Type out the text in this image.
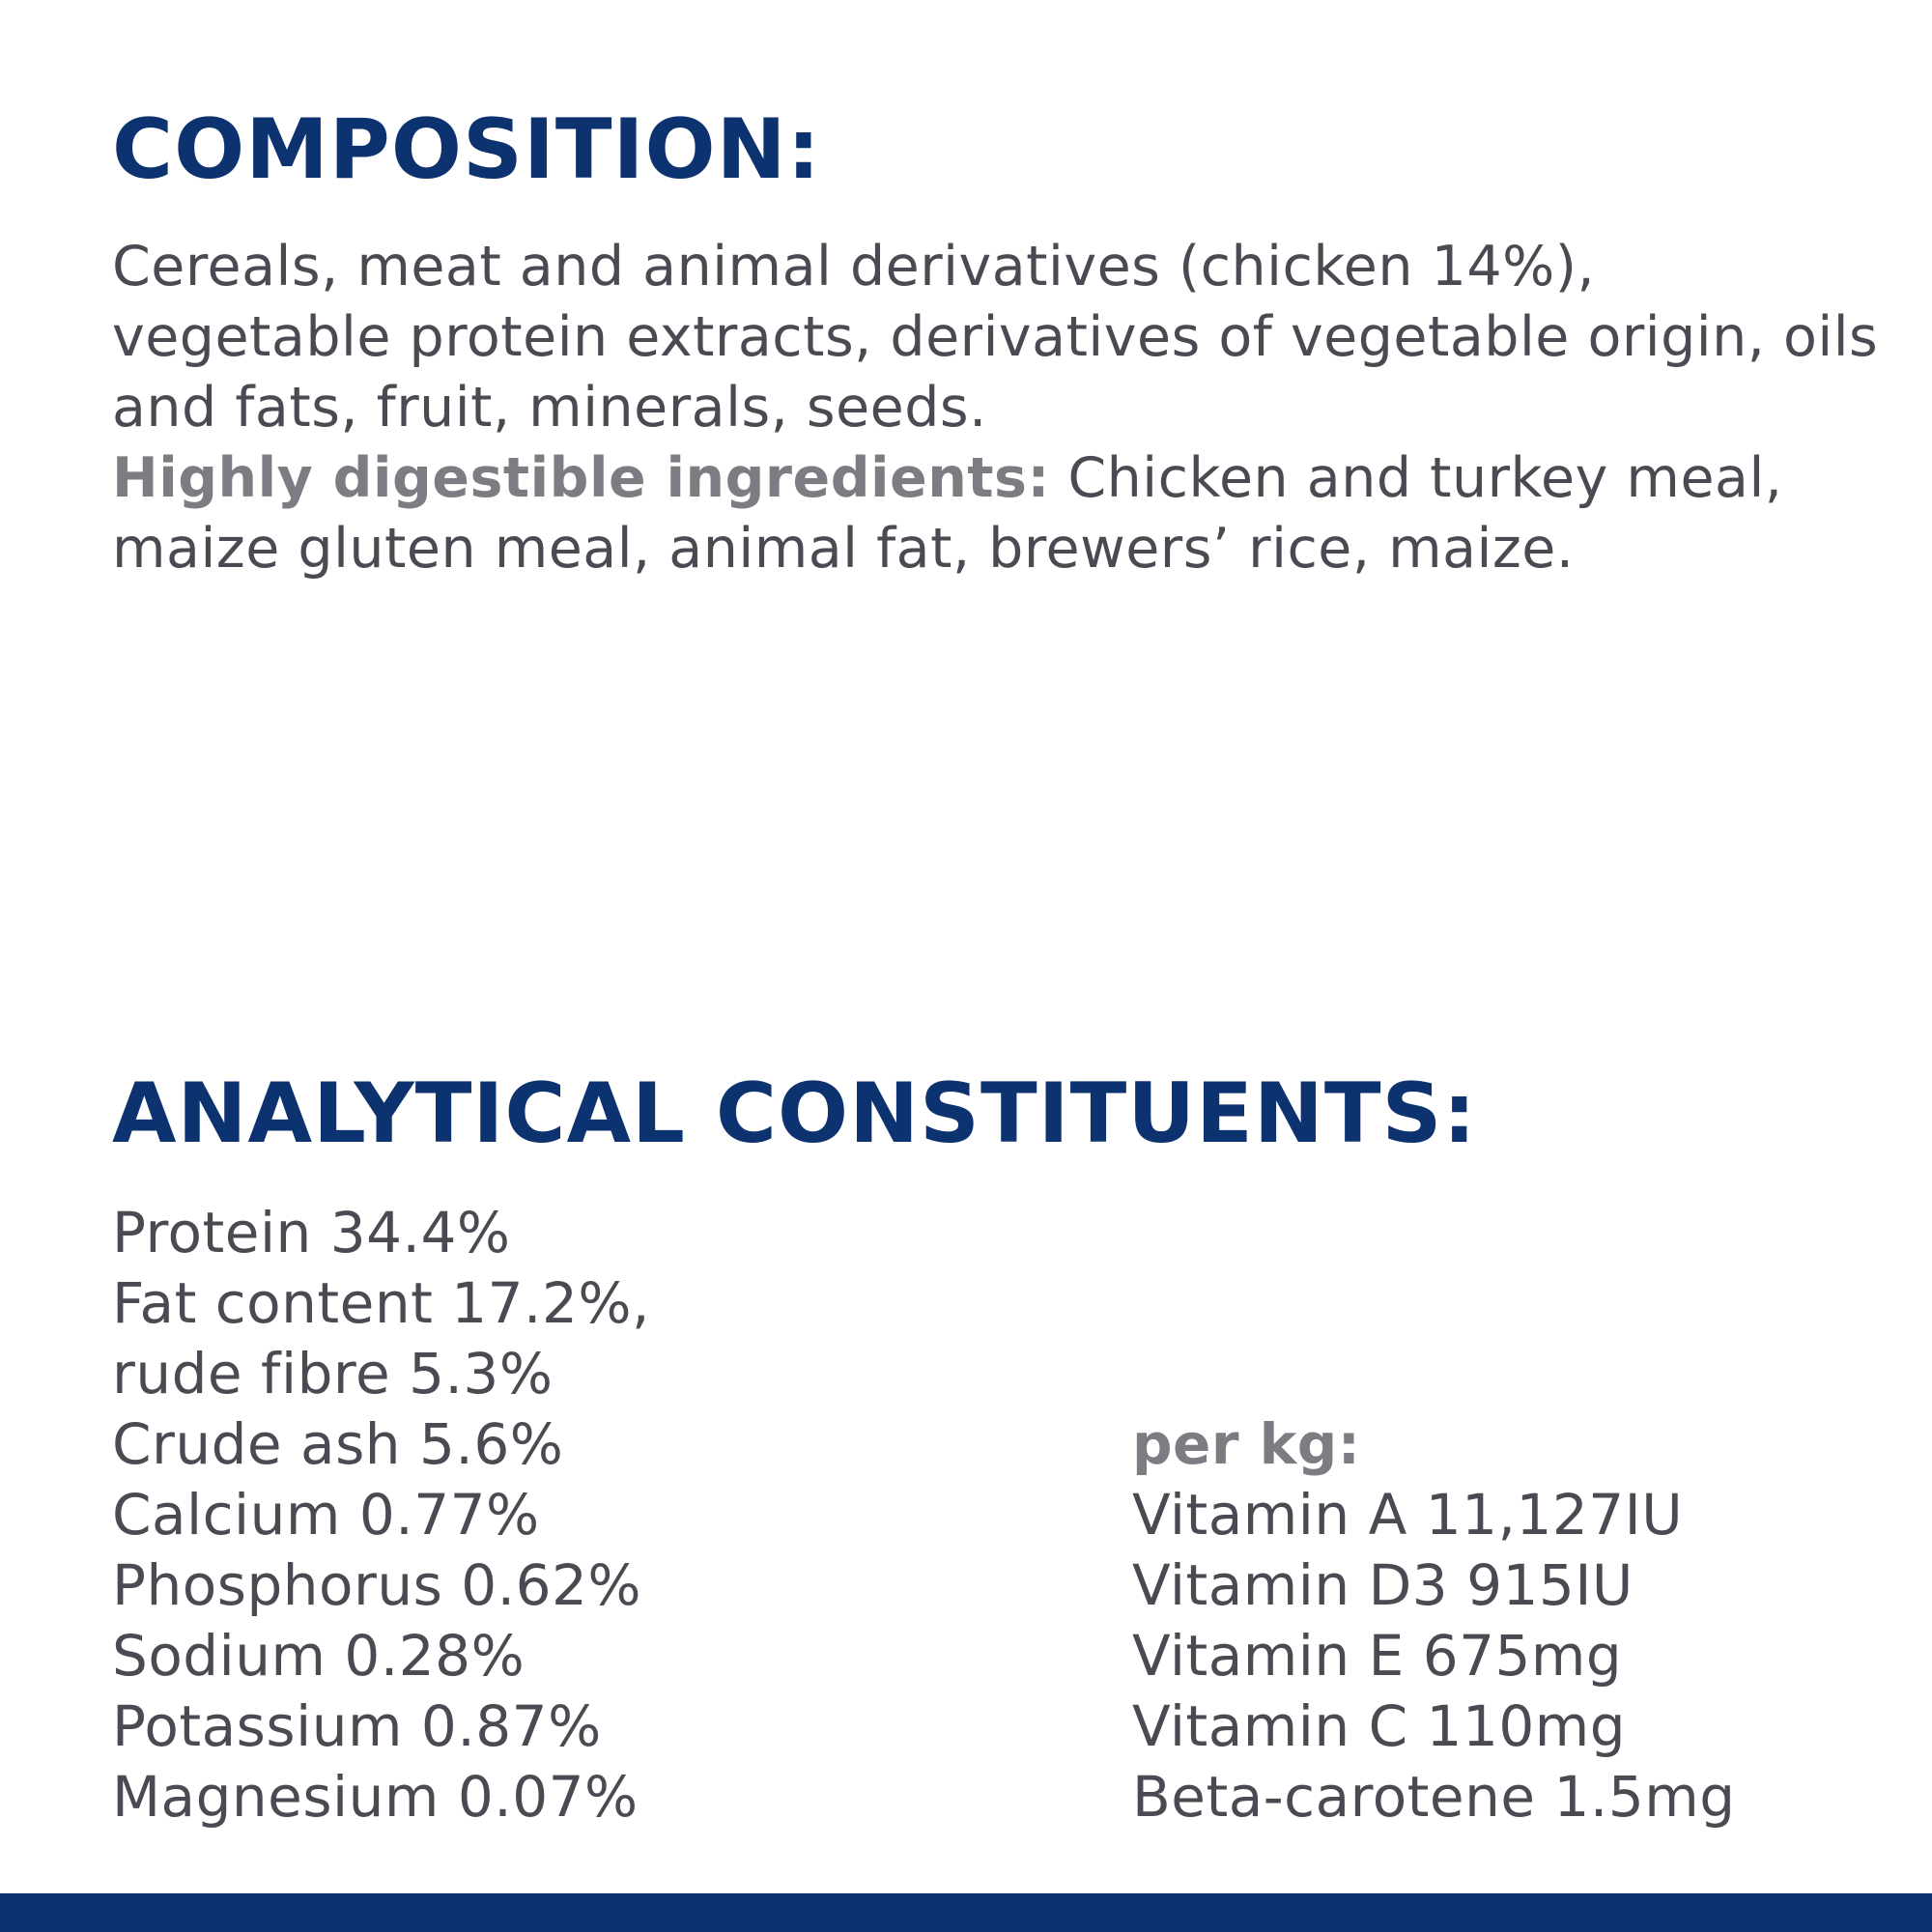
COMPOSITION:

Cereals, meat and animal derivatives (chicken 14%), vegetable protein extracts, derivatives of vegetable origin, oils and fats, fruit, minerals, seeds.

Highly digestible ingredients: Chicken and turkey meal, maize gluten meal, animal fat, brewers’ rice, maize.

ANALYTICAL CONSTITUENTS:
Protein 34.4%
Fat content 17.2%,
rude fibre 5.3%
Crude ash 5.6%
Calcium 0.77%
Phosphorus 0.62%
Sodium 0.28%
Potassium 0.87%
Magnesium 0.07%
per kg:
Vitamin A 11,127IU
Vitamin D3 915IU
Vitamin E 675mg
Vitamin C 110mg
Beta-carotene 1.5mg
